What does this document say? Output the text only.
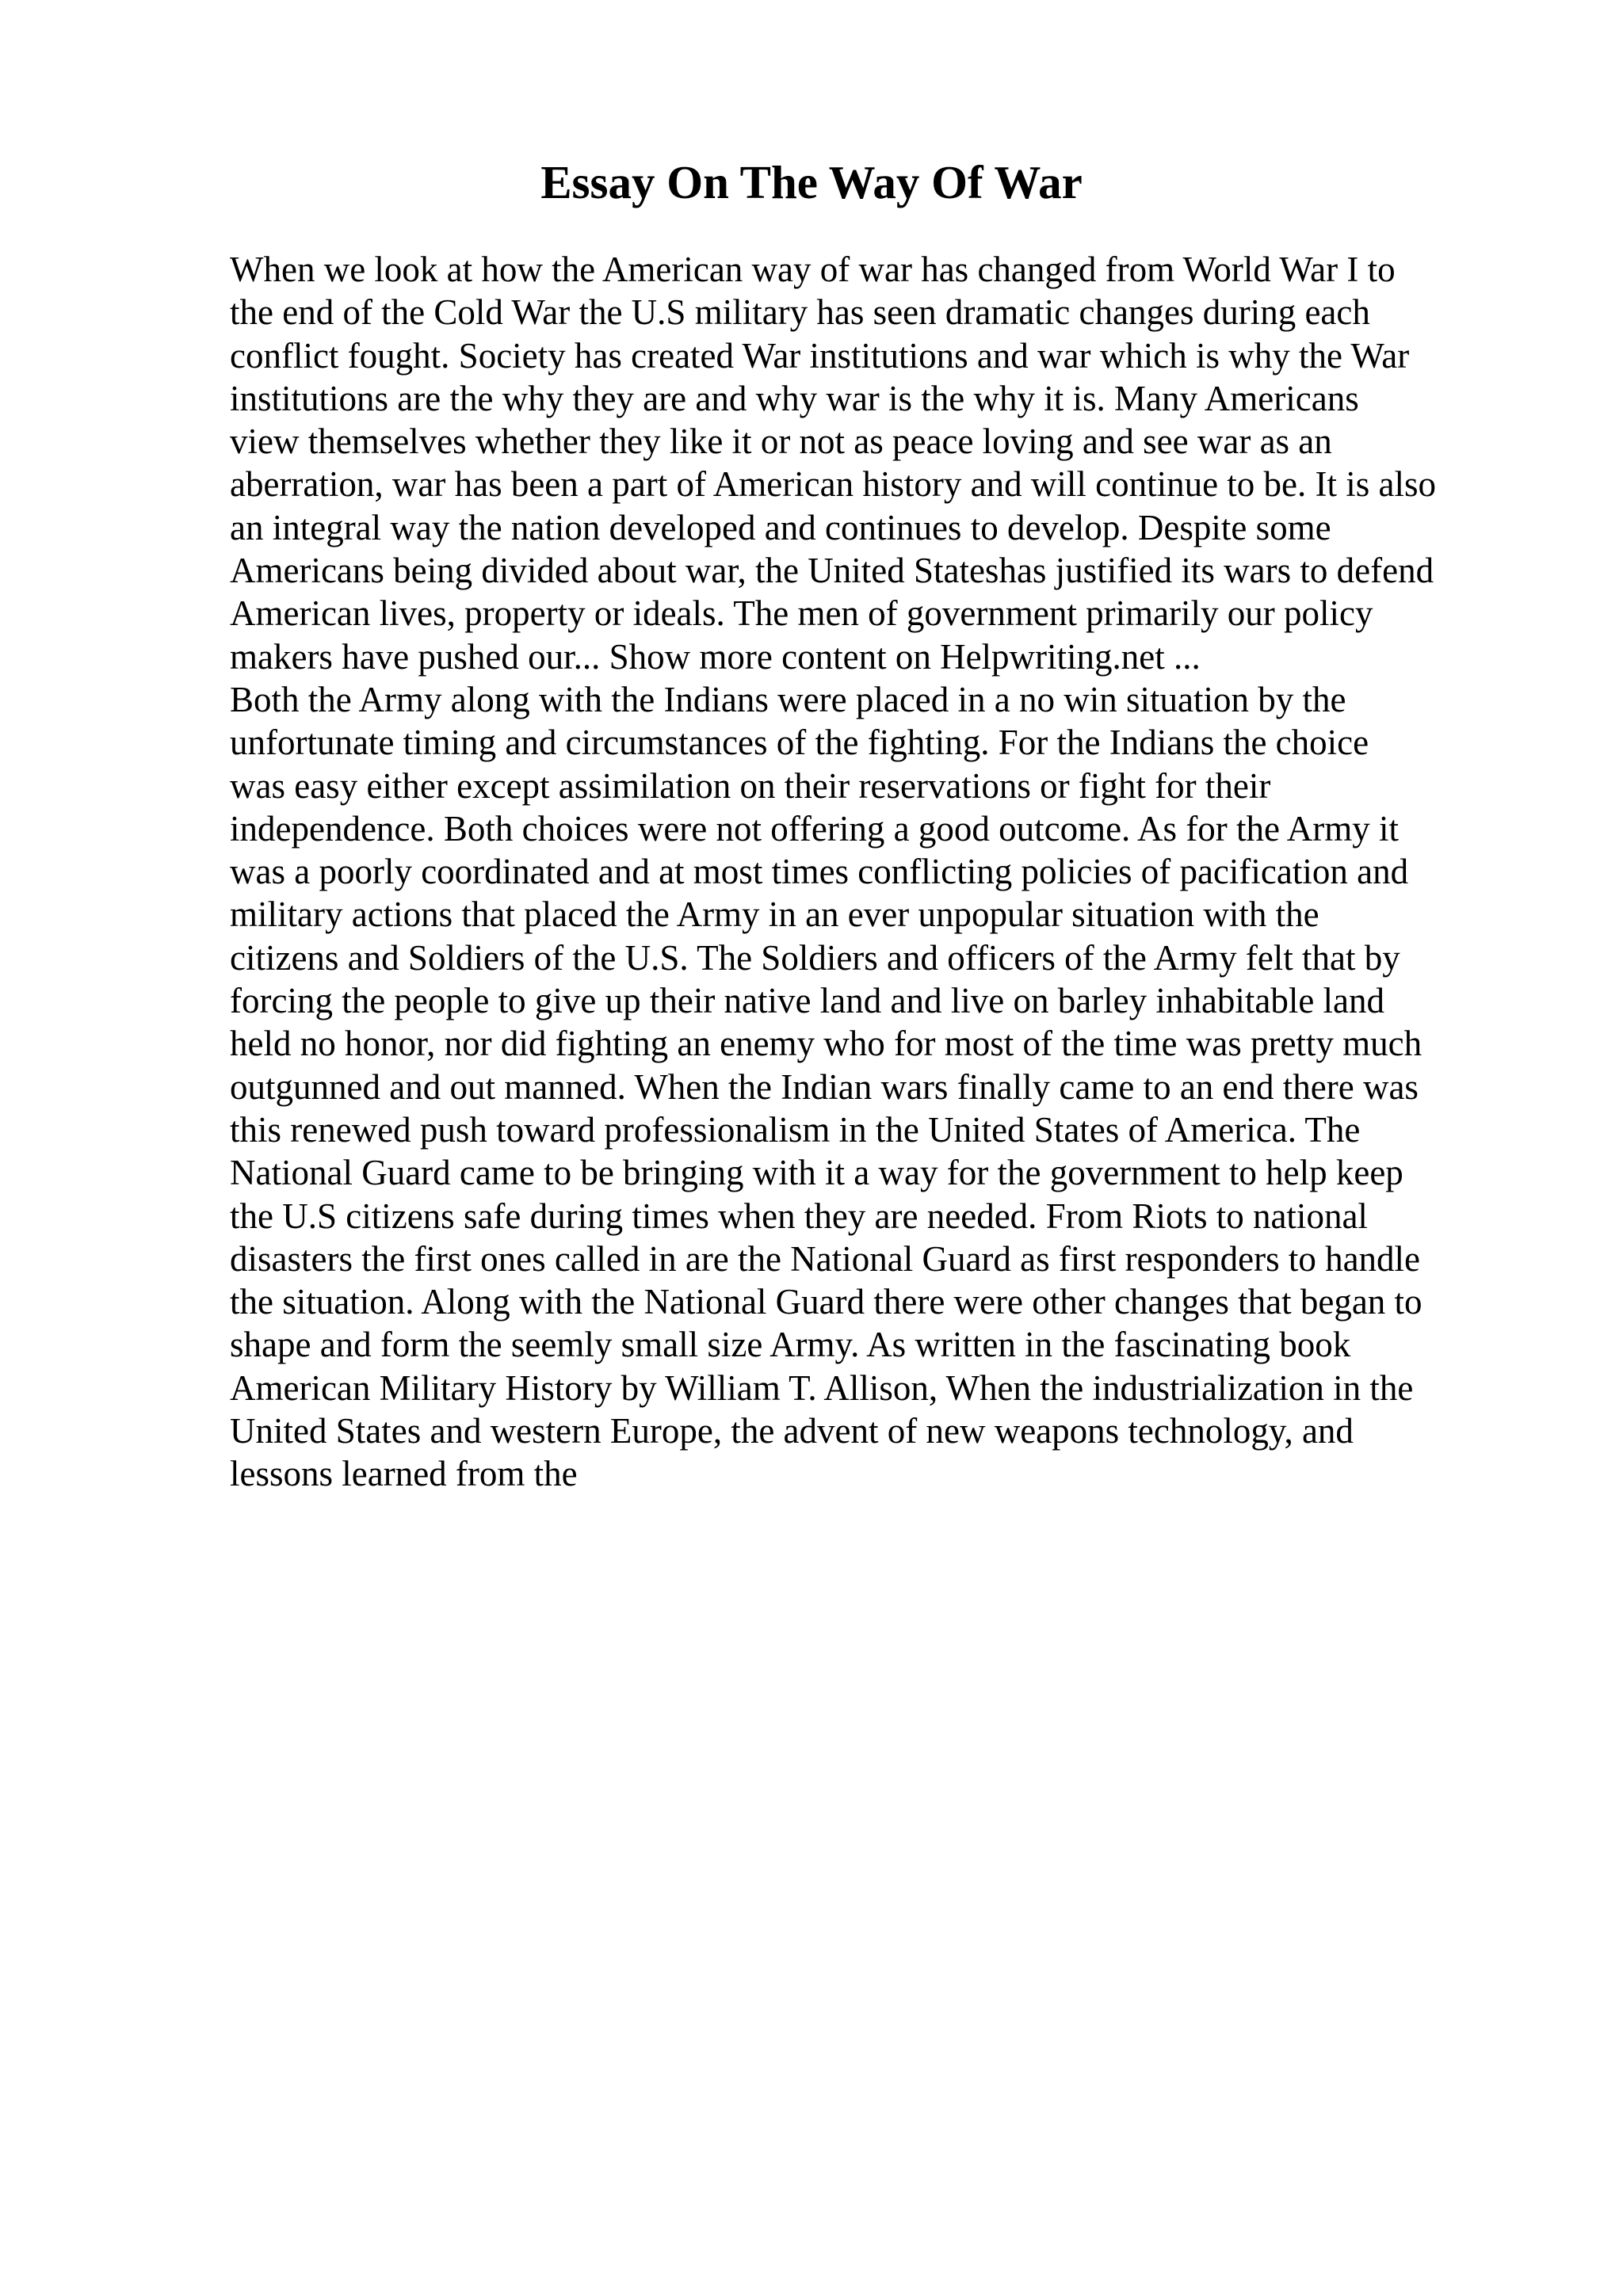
Essay On The Way Of War
When we look at how the American way of war has changed from World War I to
the end of the Cold War the U.S military has seen dramatic changes during each
conflict fought. Society has created War institutions and war which is why the War
institutions are the why they are and why war is the why it is. Many Americans
view themselves whether they like it or not as peace loving and see war as an
aberration, war has been a part of American history and will continue to be. It is also
an integral way the nation developed and continues to develop. Despite some
Americans being divided about war, the United Stateshas justified its wars to defend
American lives, property or ideals. The men of government primarily our policy
makers have pushed our... Show more content on Helpwriting.net ...
Both the Army along with the Indians were placed in a no win situation by the
unfortunate timing and circumstances of the fighting. For the Indians the choice
was easy either except assimilation on their reservations or fight for their
independence. Both choices were not offering a good outcome. As for the Army it
was a poorly coordinated and at most times conflicting policies of pacification and
military actions that placed the Army in an ever unpopular situation with the
citizens and Soldiers of the U.S. The Soldiers and officers of the Army felt that by
forcing the people to give up their native land and live on barley inhabitable land
held no honor, nor did fighting an enemy who for most of the time was pretty much
outgunned and out manned. When the Indian wars finally came to an end there was
this renewed push toward professionalism in the United States of America. The
National Guard came to be bringing with it a way for the government to help keep
the U.S citizens safe during times when they are needed. From Riots to national
disasters the first ones called in are the National Guard as first responders to handle
the situation. Along with the National Guard there were other changes that began to
shape and form the seemly small size Army. As written in the fascinating book
American Military History by William T. Allison, When the industrialization in the
United States and western Europe, the advent of new weapons technology, and
lessons learned from the
